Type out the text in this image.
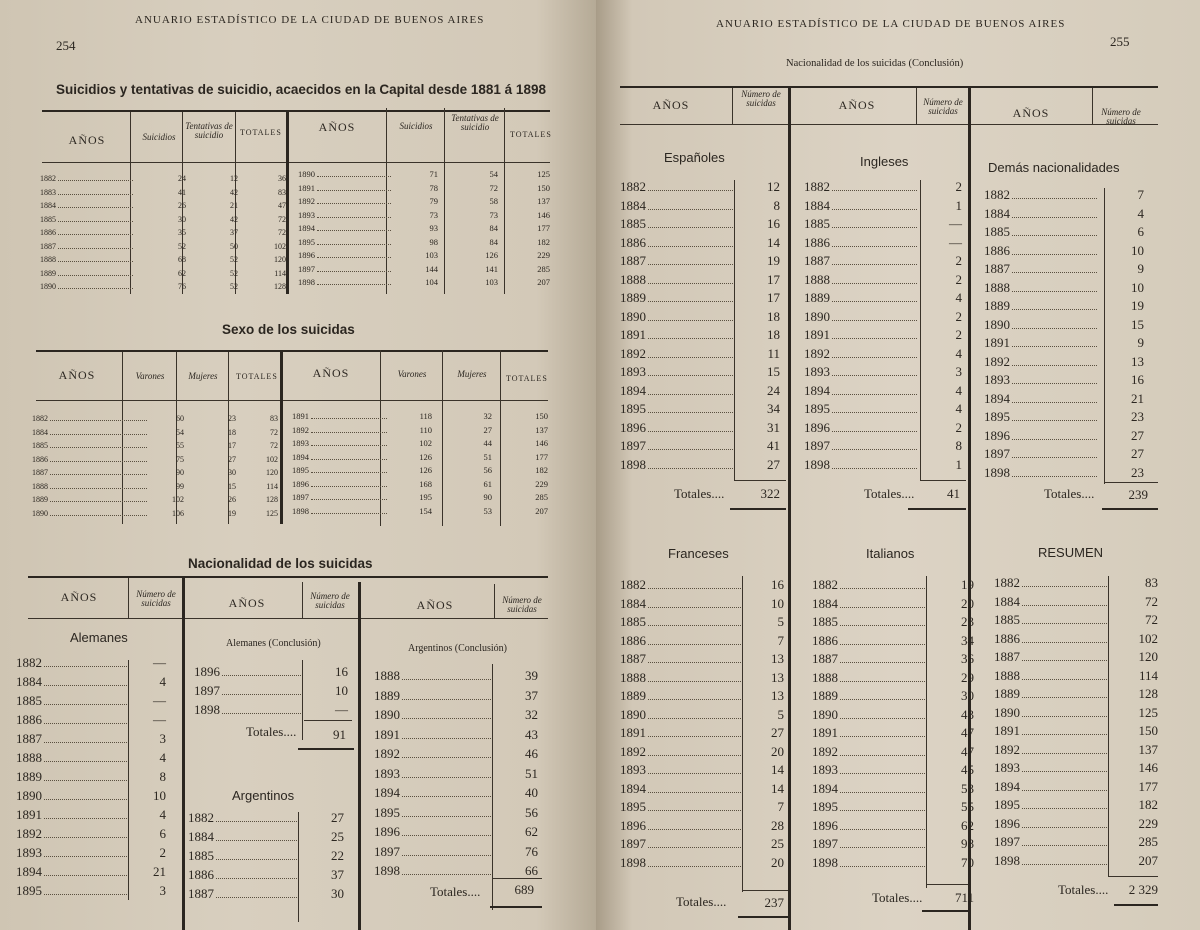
254
ANUARIO ESTADÍSTICO DE LA CIUDAD DE BUENOS AIRES
Suicidios y tentativas de suicidio, acaecidos en la Capital desde 1881 á 1898
AÑOS	Suicidios
Tentativas de suicidio	TOTALES	AÑOS	Suicidios
Tentativas de suicidio
TOTALES
1882	24	12	36
1883	41	42	83
1884	26	21	47
1885	30	42	72
1886	35	37	72
1887	52	50	102
1888	68	52	120
1889	62	52	114
1890	76	52	128
1890	71	54	125
1891	78	72	150
1892	79	58	137
1893	73	73	146
1894	93	84	177
1895	98	84	182
1896	103	126	229
1897	144	141	285
1898	104	103	207
Sexo de los suicidas
AÑOS	Varones	Mujeres	TOTALES	AÑOS	Varones	Mujeres	TOTALES
1882	60	23	83
1884	54	18	72
1885	55	17	72
1886	75	27	102
1887	90	30	120
1888	99	15	114
1889	102	26	128
1890	106	19	125
1891	118	32	150
1892	110	27	137
1893	102	44	146
1894	126	51	177
1895	126	56	182
1896	168	61	229
1897	195	90	285
1898	154	53	207
Nacionalidad de los suicidas
AÑOS	Número de suicidas	AÑOS	Número de suicidas	AÑOS	Número de suicidas
Alemanes
1882	—
1884	4
1885	—
1886	—
1887	3
1888	4
1889	8
1890	10
1891	4
1892	6
1893	2
1894	21
1895	3
Alemanes (Conclusión)
1896	16
1897	10
1898	—
Totales....	91
Argentinos
1882	27
1884	25
1885	22
1886	37
1887	30
Argentinos (Conclusión)
1888	39
1889	37
1890	32
1891	43
1892	46
1893	51
1894	40
1895	56
1896	62
1897	76
1898	66
Totales....	689
ANUARIO ESTADÍSTICO DE LA CIUDAD DE BUENOS AIRES
255
Nacionalidad de los suicidas (Conclusión)
AÑOS
Número de suicidas	AÑOS	Número de suicidas	AÑOS	Número de suicidas
Españoles
1882	12
1884	8
1885	16
1886	14
1887	19
1888	17
1889	17
1890	18
1891	18
1892	11
1893	15
1894	24
1895	34
1896	31
1897	41
1898	27
Totales....	322
Ingleses
1882	2
1884	1
1885	—
1886	—
1887	2
1888	2
1889	4
1890	2
1891	2
1892	4
1893	3
1894	4
1895	4
1896	2
1897	8
1898	1
Totales....	41
Demás nacionalidades
1882	7
1884	4
1885	6
1886	10
1887	9
1888	10
1889	19
1890	15
1891	9
1892	13
1893	16
1894	21
1895	23
1896	27
1897	27
1898	23
Totales....	239
Franceses
1882	16
1884	10
1885	5
1886	7
1887	13
1888	13
1889	13
1890	5
1891	27
1892	20
1893	14
1894	14
1895	7
1896	28
1897	25
1898	20
Totales....	237
Italianos
1882	19
1884	20
1885	23
1886	34
1887	36
1888	29
1889	30
1890	43
1891	47
1892	47
1893	45
1894	53
1895	55
1896	62
1897	98
1898	70
Totales....	711
RESUMEN
1882	83
1884	72
1885	72
1886	102
1887	120
1888	114
1889	128
1890	125
1891	150
1892	137
1893	146
1894	177
1895	182
1896	229
1897	285
1898	207
Totales....	2 329
